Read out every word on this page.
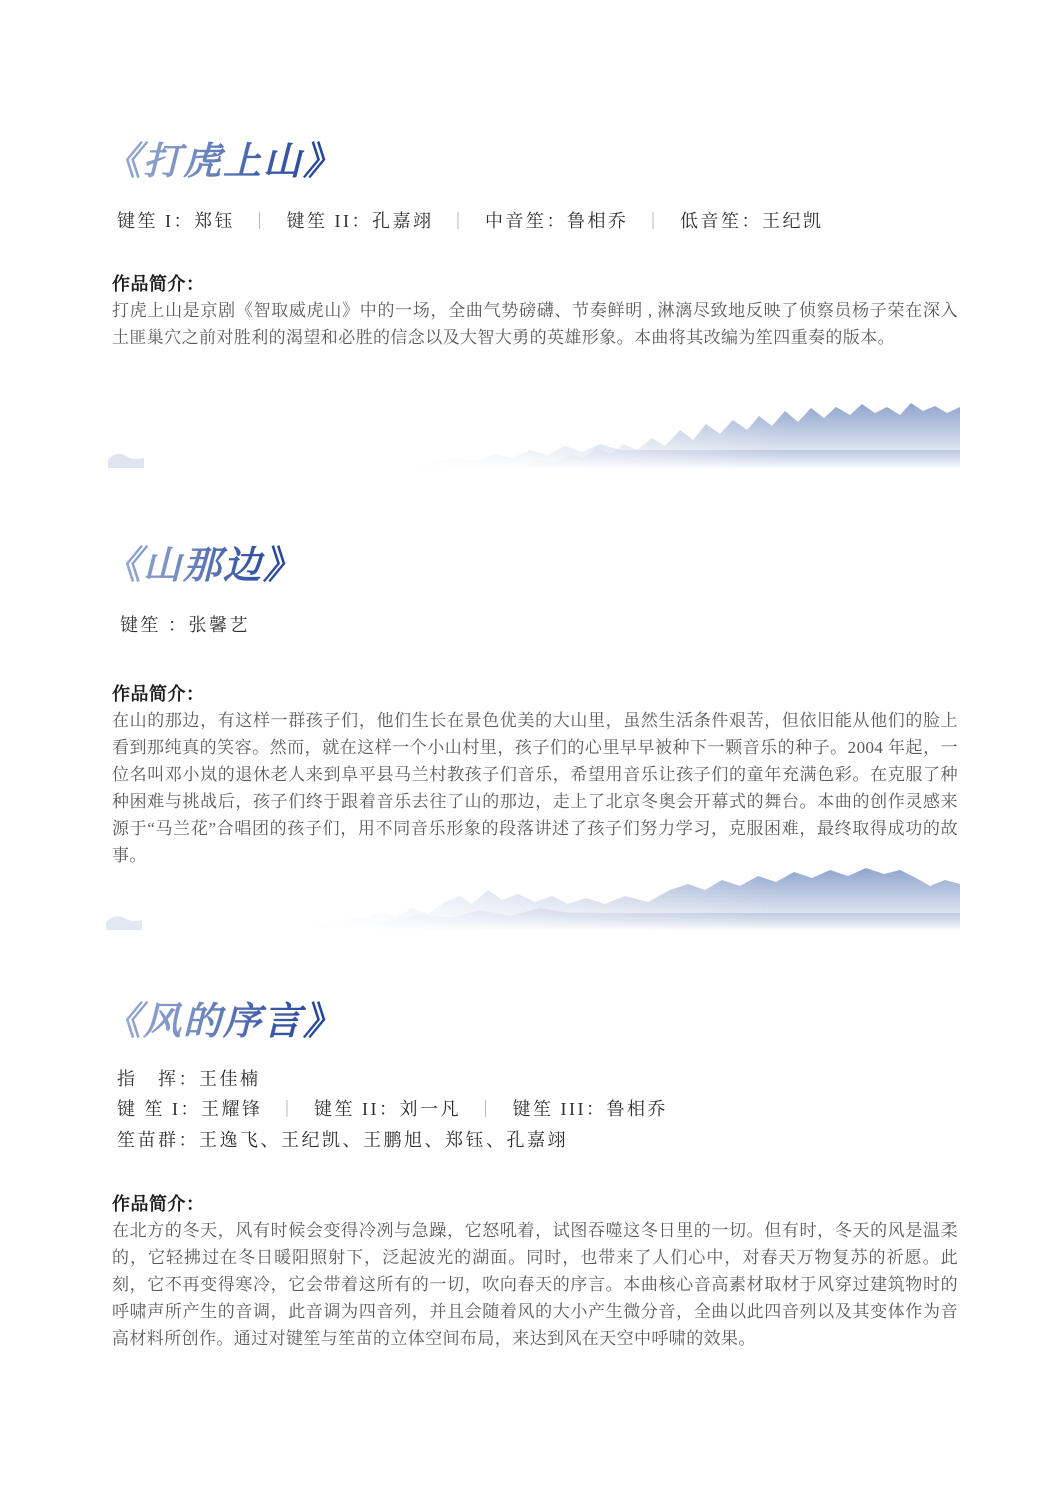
《打虎上山》
键笙 I：郑钰 ｜ 键笙 II：孔嘉翊 ｜ 中音笙：鲁相乔 ｜ 低音笙：王纪凯
作品简介：

打虎上山是京剧《智取威虎山》中的一场，全曲气势磅礴、节奏鲜明 , 淋漓尽致地反映了侦察员杨子荣在深入土匪巢穴之前对胜利的渴望和必胜的信念以及大智大勇的英雄形象。本曲将其改编为笙四重奏的版本。

《山那边》
键笙 ：张馨艺
作品简介：

在山的那边，有这样一群孩子们，他们生长在景色优美的大山里，虽然生活条件艰苦，但依旧能从他们的脸上看到那纯真的笑容。然而，就在这样一个小山村里，孩子们的心里早早被种下一颗音乐的种子。2004 年起，一位名叫邓小岚的退休老人来到阜平县马兰村教孩子们音乐，希望用音乐让孩子们的童年充满色彩。在克服了种种困难与挑战后，孩子们终于跟着音乐去往了山的那边，走上了北京冬奥会开幕式的舞台。本曲的创作灵感来源于“马兰花”合唱团的孩子们，用不同音乐形象的段落讲述了孩子们努力学习，克服困难，最终取得成功的故事。

《风的序言》
指　挥：王佳楠
键 笙 I：王耀锋 ｜ 键笙 II：刘一凡 ｜ 键笙 III：鲁相乔
笙苗群：王逸飞、王纪凯、王鹏旭、郑钰、孔嘉翊
作品简介：

在北方的冬天，风有时候会变得冷冽与急躁，它怒吼着，试图吞噬这冬日里的一切。但有时，冬天的风是温柔的，它轻拂过在冬日暖阳照射下，泛起波光的湖面。同时，也带来了人们心中，对春天万物复苏的祈愿。此刻，它不再变得寒冷，它会带着这所有的一切，吹向春天的序言。本曲核心音高素材取材于风穿过建筑物时的呼啸声所产生的音调，此音调为四音列，并且会随着风的大小产生微分音，全曲以此四音列以及其变体作为音高材料所创作。通过对键笙与笙苗的立体空间布局，来达到风在天空中呼啸的效果。
